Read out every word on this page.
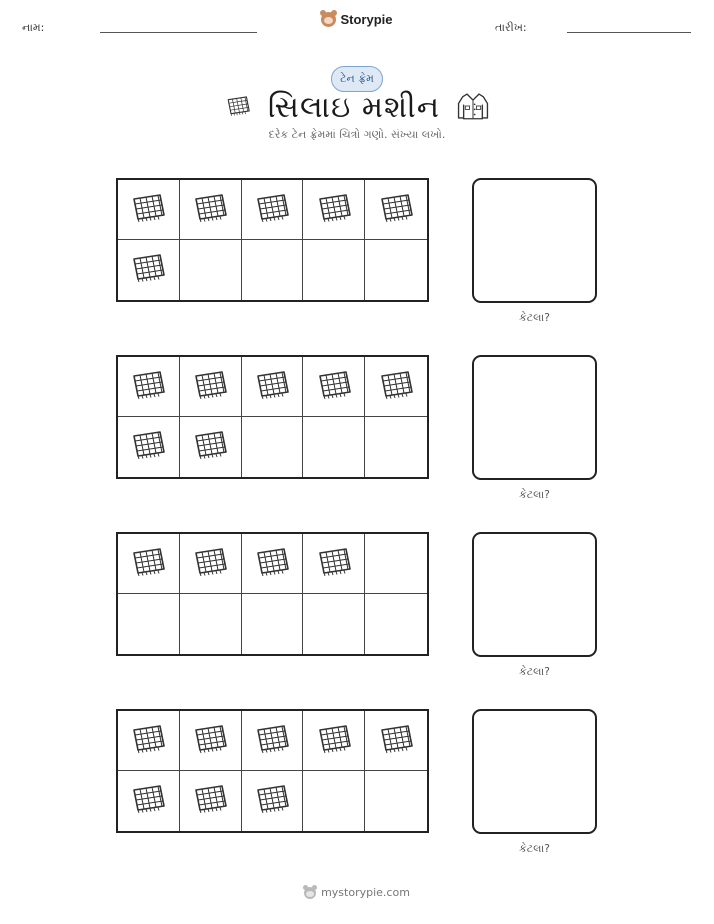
નામ:
Storypie
તારીખ:
ટેન ફ્રેમ
સિલાઇ મશીન
દરેક ટેન ફ્રેમમાં ચિત્રો ગણો. સંખ્યા લખો.
કેટલા?
કેટલા?
કેટલા?
કેટલા?
mystorypie.com
